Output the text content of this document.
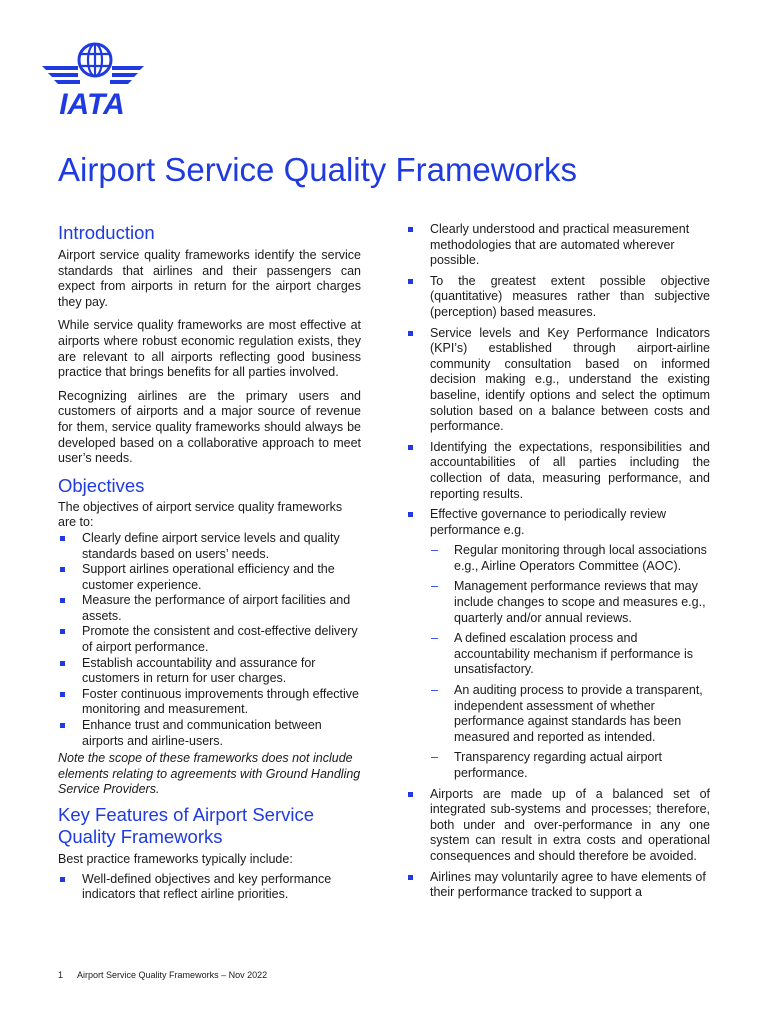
IATA
Airport Service Quality Frameworks
Introduction

Airport service quality frameworks identify the service standards that airlines and their passengers can expect from airports in return for the airport charges they pay.

While service quality frameworks are most effective at airports where robust economic regulation exists, they are relevant to all airports reflecting good business practice that brings benefits for all parties involved.

Recognizing airlines are the primary users and customers of airports and a major source of revenue for them, service quality frameworks should always be developed based on a collaborative approach to meet user’s needs.

Objectives

The objectives of airport service quality frameworks are to:

Clearly define airport service levels and quality standards based on users’ needs.
Support airlines operational efficiency and the customer experience.
Measure the performance of airport facilities and assets.
Promote the consistent and cost-effective delivery of airport performance.
Establish accountability and assurance for customers in return for user charges.
Foster continuous improvements through effective monitoring and measurement.
Enhance trust and communication between airports and airline-users.

Note the scope of these frameworks does not include elements relating to agreements with Ground Handling Service Providers.

Key Features of Airport Service Quality Frameworks

Best practice frameworks typically include:

Well-defined objectives and key performance indicators that reflect airline priorities.
Clearly understood and practical measurement methodologies that are automated wherever possible.
To the greatest extent possible objective (quantitative) measures rather than subjective (perception) based measures.
Service levels and Key Performance Indicators (KPI’s) established through airport-airline community consultation based on informed decision making e.g., understand the existing baseline, identify options and select the optimum solution based on a balance between costs and performance.
Identifying the expectations, responsibilities and accountabilities of all parties including the collection of data, measuring performance, and reporting results.
Effective governance to periodically review performance e.g.
– Regular monitoring through local associations e.g., Airline Operators Committee (AOC).
– Management performance reviews that may include changes to scope and measures e.g., quarterly and/or annual reviews.
– A defined escalation process and accountability mechanism if performance is unsatisfactory.
– An auditing process to provide a transparent, independent assessment of whether performance against standards has been measured and reported as intended.
– Transparency regarding actual airport performance.
Airports are made up of a balanced set of integrated sub-systems and processes; therefore, both under and over-performance in any one system can result in extra costs and operational consequences and should therefore be avoided.
Airlines may voluntarily agree to have elements of their performance tracked to support a
1 Airport Service Quality Frameworks – Nov 2022
